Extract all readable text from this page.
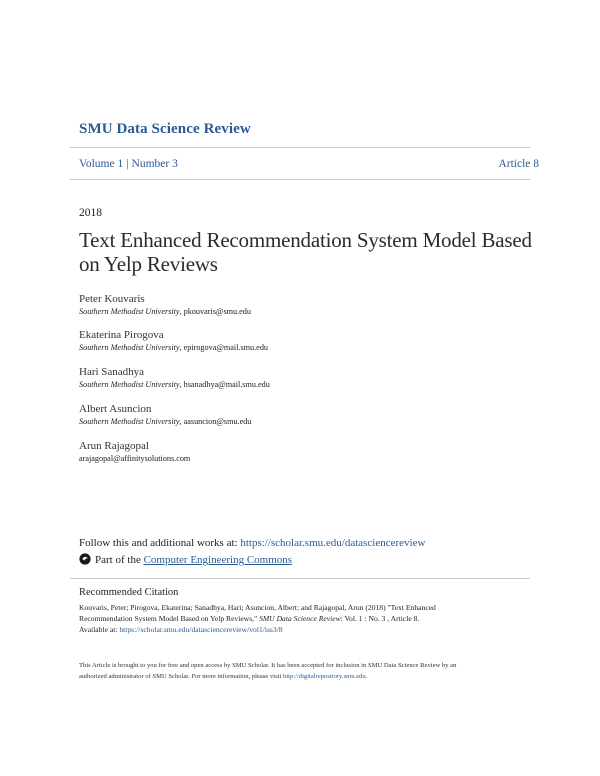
SMU Data Science Review
Volume 1 | Number 3	Article 8
2018
Text Enhanced Recommendation System Model Based on Yelp Reviews
Peter Kouvaris
Southern Methodist University, pkouvaris@smu.edu
Ekaterina Pirogova
Southern Methodist University, epirogova@mail.smu.edu
Hari Sanadhya
Southern Methodist University, hsanadhya@mail.smu.edu
Albert Asuncion
Southern Methodist University, aasuncion@smu.edu
Arun Rajagopal
arajagopal@affinitysolutions.com
Follow this and additional works at: https://scholar.smu.edu/datasciencereview
Part of the Computer Engineering Commons
Recommended Citation
Kouvaris, Peter; Pirogova, Ekaterina; Sanadhya, Hari; Asuncion, Albert; and Rajagopal, Arun (2018) "Text Enhanced
Recommendation System Model Based on Yelp Reviews," SMU Data Science Review: Vol. 1 : No. 3 , Article 8.
Available at: https://scholar.smu.edu/datasciencereview/vol1/iss3/8
This Article is brought to you for free and open access by SMU Scholar. It has been accepted for inclusion in SMU Data Science Review by an
authorized administrator of SMU Scholar. For more information, please visit http://digitalrepository.smu.edu.
